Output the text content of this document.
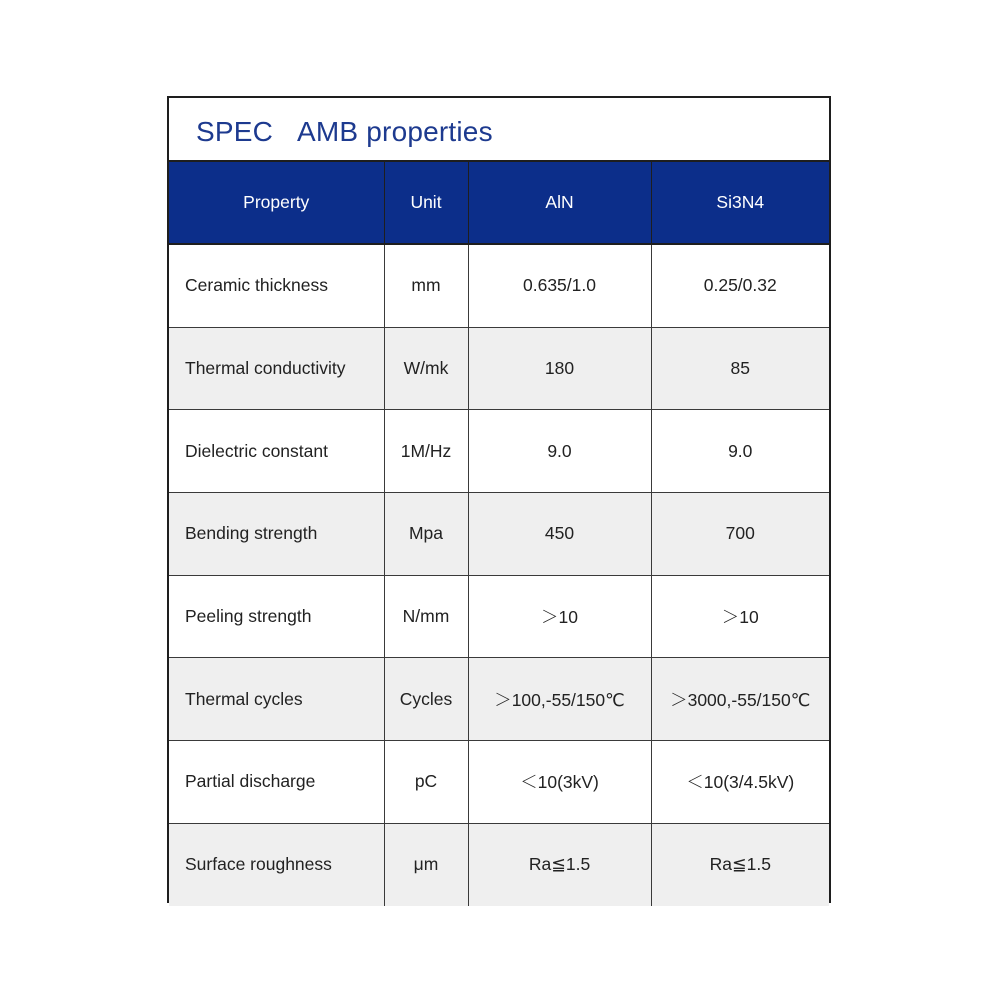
SPEC
AMB properties
Property	Unit	AlN	Si3N4
Ceramic thickness	mm	0.635/1.0	0.25/0.32
Thermal conductivity	W/mk	180	85
Dielectric constant	1M/Hz	9.0	9.0
Bending strength	Mpa	450	700
Peeling strength	N/mm	＞10	＞10
Thermal cycles	Cycles	＞100,-55/150℃	＞3000,-55/150℃
Partial discharge	pC	＜10(3kV)	＜10(3/4.5kV)
Surface roughness	μm	Ra≦1.5	Ra≦1.5
